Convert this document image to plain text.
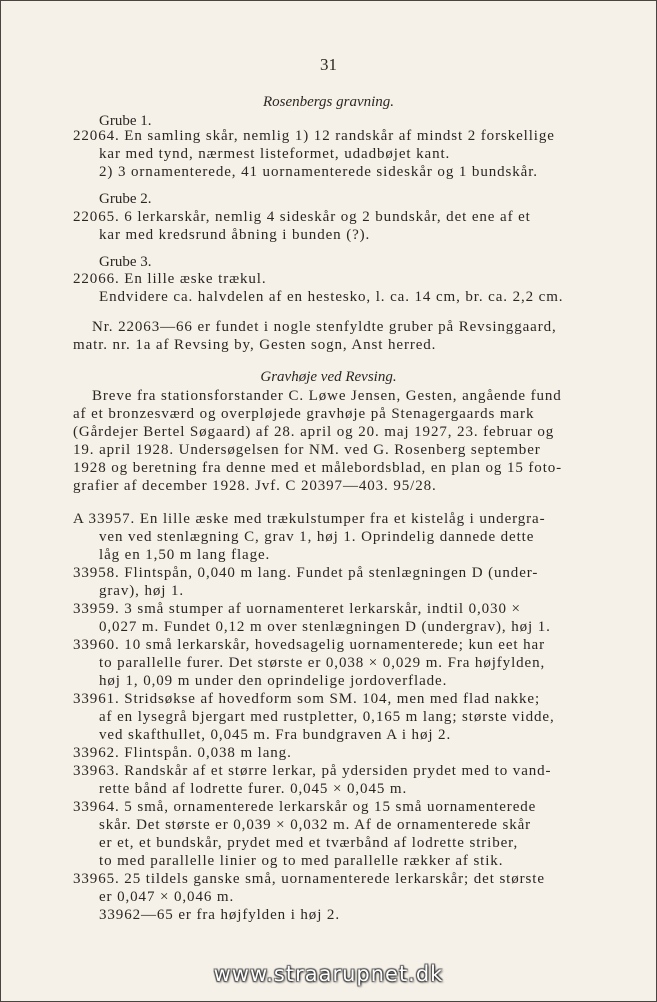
31
Rosenbergs gravning.
Grube 1.
22064. En samling skår, nemlig 1) 12 randskår af mindst 2 forskellige
kar med tynd, nærmest listeformet, udadbøjet kant.
2) 3 ornamenterede, 41 uornamenterede sideskår og 1 bundskår.
Grube 2.
22065. 6 lerkarskår, nemlig 4 sideskår og 2 bundskår, det ene af et
kar med kredsrund åbning i bunden (?).
Grube 3.
22066. En lille æske trækul.
Endvidere ca. halvdelen af en hestesko, l. ca. 14 cm, br. ca. 2,2 cm.
Nr. 22063—66 er fundet i nogle stenfyldte gruber på Revsinggaard,
matr. nr. 1a af Revsing by, Gesten sogn, Anst herred.
Gravhøje ved Revsing.
Breve fra stationsforstander C. Løwe Jensen, Gesten, angående fund
af et bronzesværd og overpløjede gravhøje på Stenagergaards mark
(Gårdejer Bertel Søgaard) af 28. april og 20. maj 1927, 23. februar og
19. april 1928. Undersøgelsen for NM. ved G. Rosenberg september
1928 og beretning fra denne med et målebordsblad, en plan og 15 foto-
grafier af december 1928. Jvf. C 20397—403. 95/28.
A 33957. En lille æske med trækulstumper fra et kistelåg i undergra-
ven ved stenlægning C, grav 1, høj 1. Oprindelig dannede dette
låg en 1,50 m lang flage.
33958. Flintspån, 0,040 m lang. Fundet på stenlægningen D (under-
grav), høj 1.
33959. 3 små stumper af uornamenteret lerkarskår, indtil 0,030 ×
0,027 m. Fundet 0,12 m over stenlægningen D (undergrav), høj 1.
33960. 10 små lerkarskår, hovedsagelig uornamenterede; kun eet har
to parallelle furer. Det største er 0,038 × 0,029 m. Fra højfylden,
høj 1, 0,09 m under den oprindelige jordoverflade.
33961. Stridsøkse af hovedform som SM. 104, men med flad nakke;
af en lysegrå bjergart med rustpletter, 0,165 m lang; største vidde,
ved skafthullet, 0,045 m. Fra bundgraven A i høj 2.
33962. Flintspån. 0,038 m lang.
33963. Randskår af et større lerkar, på ydersiden prydet med to vand-
rette bånd af lodrette furer. 0,045 × 0,045 m.
33964. 5 små, ornamenterede lerkarskår og 15 små uornamenterede
skår. Det største er 0,039 × 0,032 m. Af de ornamenterede skår
er et, et bundskår, prydet med et tværbånd af lodrette striber,
to med parallelle linier og to med parallelle rækker af stik.
33965. 25 tildels ganske små, uornamenterede lerkarskår; det største
er 0,047 × 0,046 m.
33962—65 er fra højfylden i høj 2.
www.straarupnet.dk
